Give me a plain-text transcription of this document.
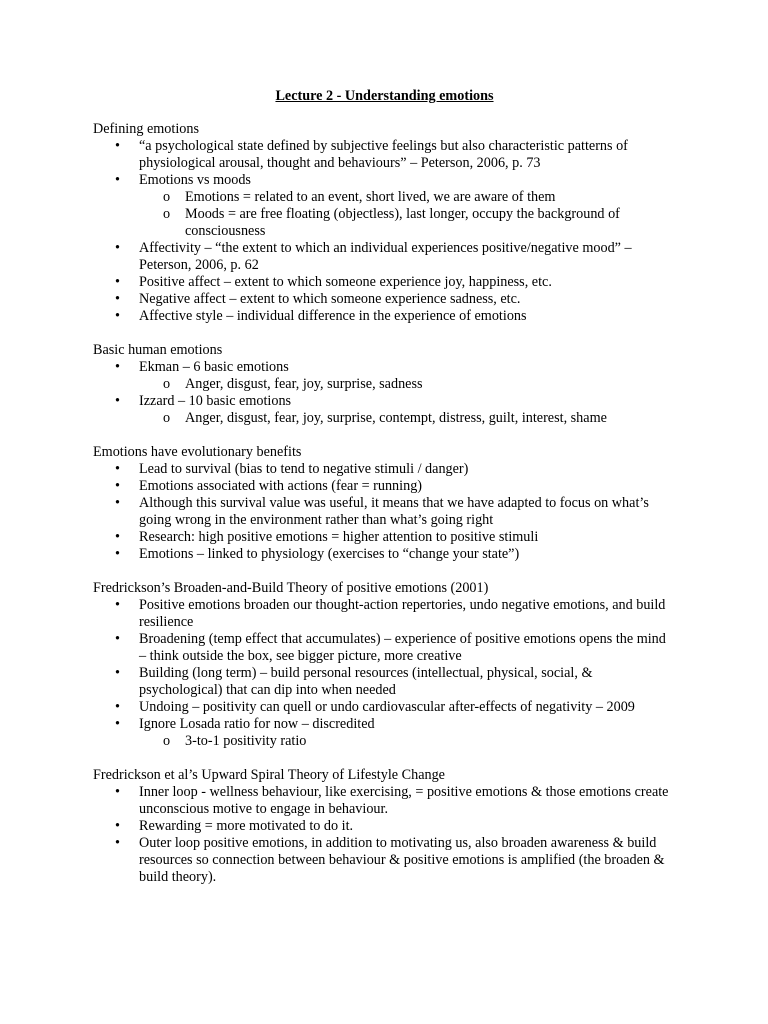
Lecture 2 - Understanding emotions

Defining emotions

• “a psychological state defined by subjective feelings but also characteristic patterns of physiological arousal, thought and behaviours” – Peterson, 2006, p. 73
• Emotions vs moods
o Emotions = related to an event, short lived, we are aware of them
o Moods = are free floating (objectless), last longer, occupy the background of consciousness
• Affectivity – “the extent to which an individual experiences positive/negative mood” – Peterson, 2006, p. 62
• Positive affect – extent to which someone experience joy, happiness, etc.
• Negative affect – extent to which someone experience sadness, etc.
• Affective style – individual difference in the experience of emotions

Basic human emotions

• Ekman – 6 basic emotions
o Anger, disgust, fear, joy, surprise, sadness
• Izzard – 10 basic emotions
o Anger, disgust, fear, joy, surprise, contempt, distress, guilt, interest, shame

Emotions have evolutionary benefits

• Lead to survival (bias to tend to negative stimuli / danger)
• Emotions associated with actions (fear = running)
• Although this survival value was useful, it means that we have adapted to focus on what’s going wrong in the environment rather than what’s going right
• Research: high positive emotions = higher attention to positive stimuli
• Emotions – linked to physiology (exercises to “change your state”)

Fredrickson’s Broaden-and-Build Theory of positive emotions (2001)

• Positive emotions broaden our thought-action repertories, undo negative emotions, and build resilience
• Broadening (temp effect that accumulates) – experience of positive emotions opens the mind – think outside the box, see bigger picture, more creative
• Building (long term) – build personal resources (intellectual, physical, social, & psychological) that can dip into when needed
• Undoing – positivity can quell or undo cardiovascular after-effects of negativity – 2009
• Ignore Losada ratio for now – discredited
o 3-to-1 positivity ratio

Fredrickson et al’s Upward Spiral Theory of Lifestyle Change

• Inner loop - wellness behaviour, like exercising, = positive emotions & those emotions create unconscious motive to engage in behaviour.
• Rewarding = more motivated to do it.
• Outer loop positive emotions, in addition to motivating us, also broaden awareness & build resources so connection between behaviour & positive emotions is amplified (the broaden & build theory).
